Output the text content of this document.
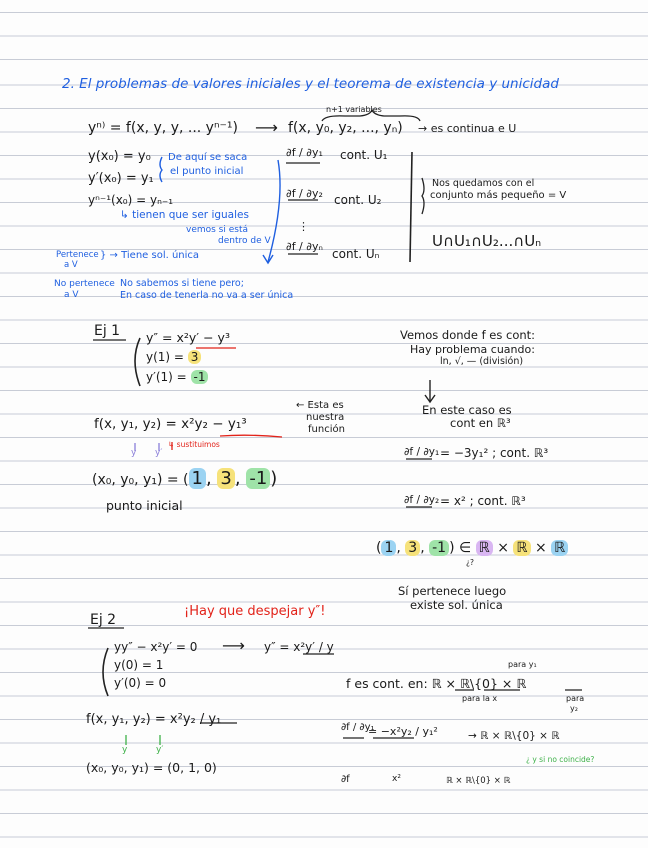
2. El problemas de valores iniciales y el teorema de existencia y unicidad
n+1 variables
yⁿ⁾ = f(x, y, y, ... yⁿ⁻¹) ⟶ f(x, y₀, y₂, ..., yₙ) → es continua e U
y(x₀) = y₀
y′(x₀) = y₁
yⁿ⁻¹(x₀) = yₙ₋₁
De aquí se saca
el punto inicial
↳ tienen que ser iguales
vemos si está
dentro de V
∂f / ∂y₁ cont. U₁
∂f / ∂y₂ cont. U₂
⋮
∂f / ∂yₙ
cont. Uₙ
Nos quedamos con el
conjunto más pequeño = V
U∩U₁∩U₂...∩Uₙ
Pertenece
a V
} → Tiene sol. única
No pertenece
a V
No sabemos si tiene pero;
En caso de tenerla no va a ser única
Ej 1 y″ = x²y′ − y³
y(1) = 3
y′(1) = -1
f(x, y₁, y₂) = x²y₂ − y₁³
← Esta es
nuestra
función
y y′
↳ sustituimos
(x₀, y₀, y₁) = ( 1 , 3 , -1 )
punto inicial
Vemos donde f es cont:
Hay problema cuando:
ln, √, — (división)
En este caso es
cont en ℝ³
∂f / ∂y₁ = −3y₁² ; cont. ℝ³
∂f / ∂y₂ = x² ; cont. ℝ³
( 1 , 3 , -1 ) ∈ ℝ × ℝ × ℝ
¿?
Sí pertenece luego
existe sol. única
Ej 2
¡Hay que despejar y″!
yy″ − x²y′ = 0 ⟶ y″ = x²y′ / y
y(0) = 1
y′(0) = 0
f(x, y₁, y₂) = x²y₂ / y₁
y	y′
(x₀, y₀, y₁) = (0, 1, 0)
para y₁
f es cont. en: ℝ × ℝ\{0} × ℝ
para la x	para
y₂
∂f / ∂y₁
= −x²y₂ / y₁²	→ ℝ × ℝ\{0} × ℝ
¿ y si no coincide?
∂f	x²	ℝ × ℝ\{0} × ℝ
